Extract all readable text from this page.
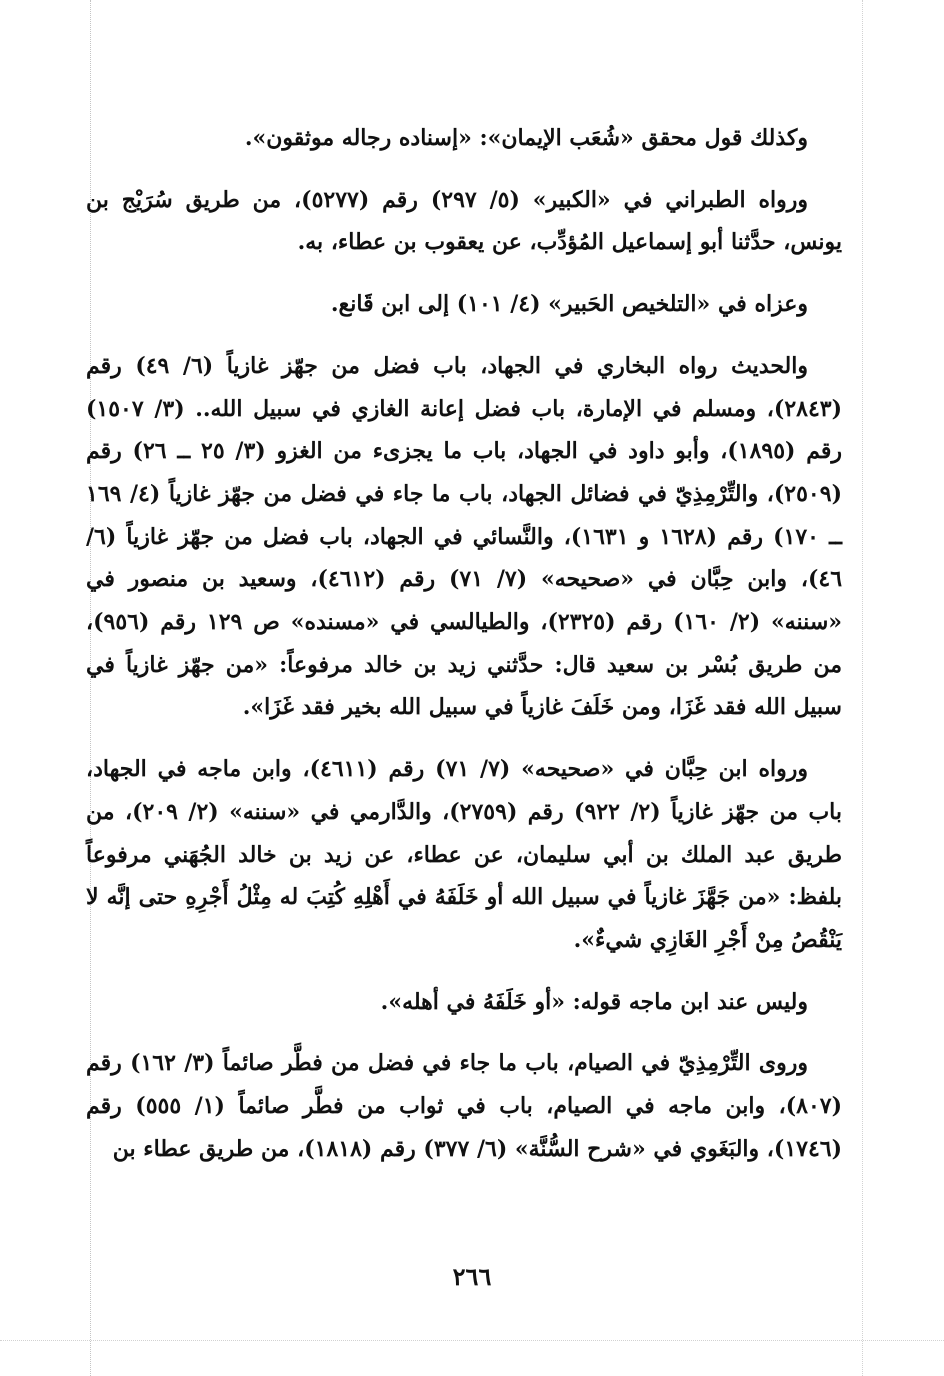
وكذلك قول محقق «شُعَب الإيمان»: «إسناده رجاله موثقون».

ورواه الطبراني في «الكبير» (٥/ ٢٩٧) رقم (٥٢٧٧)، من طريق سُرَيْج بن يونس، حدَّثنا أبو إسماعيل المُؤدِّب، عن يعقوب بن عطاء، به.

وعزاه في «التلخيص الحَبير» (٤/ ١٠١) إلى ابن قَانع.

والحديث رواه البخاري في الجهاد، باب فضل من جهّز غازياً (٦/ ٤٩) رقم (٢٨٤٣)، ومسلم في الإمارة، باب فضل إعانة الغازي في سبيل الله.. (٣/ ١٥٠٧) رقم (١٨٩٥)، وأبو داود في الجهاد، باب ما يجزىء من الغزو (٣/ ٢٥ ــ ٢٦) رقم (٢٥٠٩)، والتِّرْمِذِيّ في فضائل الجهاد، باب ما جاء في فضل من جهّز غازياً (٤/ ١٦٩ ــ ١٧٠) رقم (١٦٢٨ و ١٦٣١)، والنَّسائي في الجهاد، باب فضل من جهّز غازياً (٦/ ٤٦)، وابن حِبَّان في «صحيحه» (٧/ ٧١) رقم (٤٦١٢)، وسعيد بن منصور في «سننه» (٢/ ١٦٠) رقم (٢٣٢٥)، والطيالسي في «مسنده» ص ١٢٩ رقم (٩٥٦)، من طريق بُسْر بن سعيد قال: حدَّثني زيد بن خالد مرفوعاً: «من جهّز غازياً في سبيل الله فقد غَزَا، ومن خَلَفَ غازياً في سبيل الله بخير فقد غَزَا».

ورواه ابن حِبَّان في «صحيحه» (٧/ ٧١) رقم (٤٦١١)، وابن ماجه في الجهاد، باب من جهّز غازياً (٢/ ٩٢٢) رقم (٢٧٥٩)، والدَّارمي في «سننه» (٢/ ٢٠٩)، من طريق عبد الملك بن أبي سليمان، عن عطاء، عن زيد بن خالد الجُهَني مرفوعاً بلفظ: «من جَهَّزَ غازياً في سبيل الله أو خَلَفَهُ في أَهْلِهِ كُتِبَ له مِثْلُ أَجْرِهِ حتى إنَّه لا يَنْقُصُ مِنْ أَجْرِ الغَازِي شيءٌ».

وليس عند ابن ماجه قوله: «أو خَلَفَهُ في أهله».

وروى التِّرْمِذِيّ في الصيام، باب ما جاء في فضل من فطَّر صائماً (٣/ ١٦٢) رقم (٨٠٧)، وابن ماجه في الصيام، باب في ثواب من فطَّر صائماً (١/ ٥٥٥) رقم (١٧٤٦)، والبَغَوي في «شرح السُّنَّة» (٦/ ٣٧٧) رقم (١٨١٨)، من طريق عطاء بن

٢٦٦
